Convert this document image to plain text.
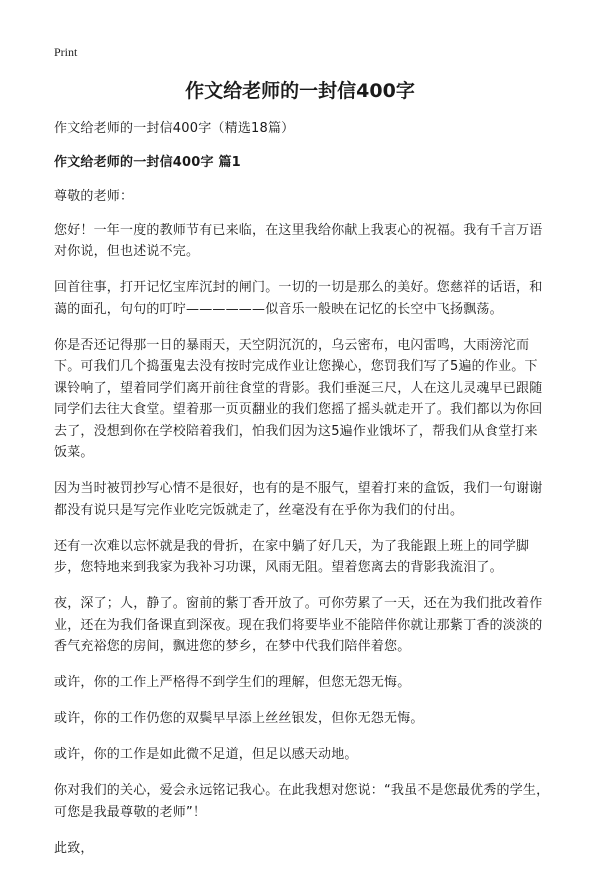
Print
作文给老师的一封信400字

作文给老师的一封信400字（精选18篇）

作文给老师的一封信400字 篇1

尊敬的老师：

您好！一年一度的教师节有已来临，在这里我给你献上我衷心的祝福。我有千言万语对你说，但也述说不完。

回首往事，打开记忆宝库沉封的闸门。一切的一切是那么的美好。您慈祥的话语，和蔼的面孔，句句的叮咛——————似音乐一般映在记忆的长空中飞扬飘荡。

你是否还记得那一日的暴雨天，天空阴沉沉的，乌云密布，电闪雷鸣，大雨滂沱而下。可我们几个捣蛋鬼去没有按时完成作业让您操心，您罚我们写了5遍的作业。下课铃响了，望着同学们离开前往食堂的背影。我们垂涎三尺，人在这儿灵魂早已跟随同学们去往大食堂。望着那一页页翻业的我们您摇了摇头就走开了。我们都以为你回去了，没想到你在学校陪着我们，怕我们因为这5遍作业饿坏了，帮我们从食堂打来饭菜。

因为当时被罚抄写心情不是很好，也有的是不服气，望着打来的盒饭，我们一句谢谢都没有说只是写完作业吃完饭就走了，丝毫没有在乎你为我们的付出。

还有一次难以忘怀就是我的骨折，在家中躺了好几天，为了我能跟上班上的同学脚步，您特地来到我家为我补习功课，风雨无阻。望着您离去的背影我流泪了。

夜，深了；人，静了。窗前的紫丁香开放了。可你劳累了一天，还在为我们批改着作业，还在为我们备课直到深夜。现在我们将要毕业不能陪伴你就让那紫丁香的淡淡的香气充裕您的房间，飘进您的梦乡，在梦中代我们陪伴着您。

或许，你的工作上严格得不到学生们的理解，但您无怨无悔。

或许，你的工作仍您的双鬓早早添上丝丝银发，但你无怨无悔。

或许，你的工作是如此微不足道，但足以感天动地。

你对我们的关心，爱会永远铭记我心。在此我想对您说：“我虽不是您最优秀的学生，可您是我最尊敬的老师”！

此致，
